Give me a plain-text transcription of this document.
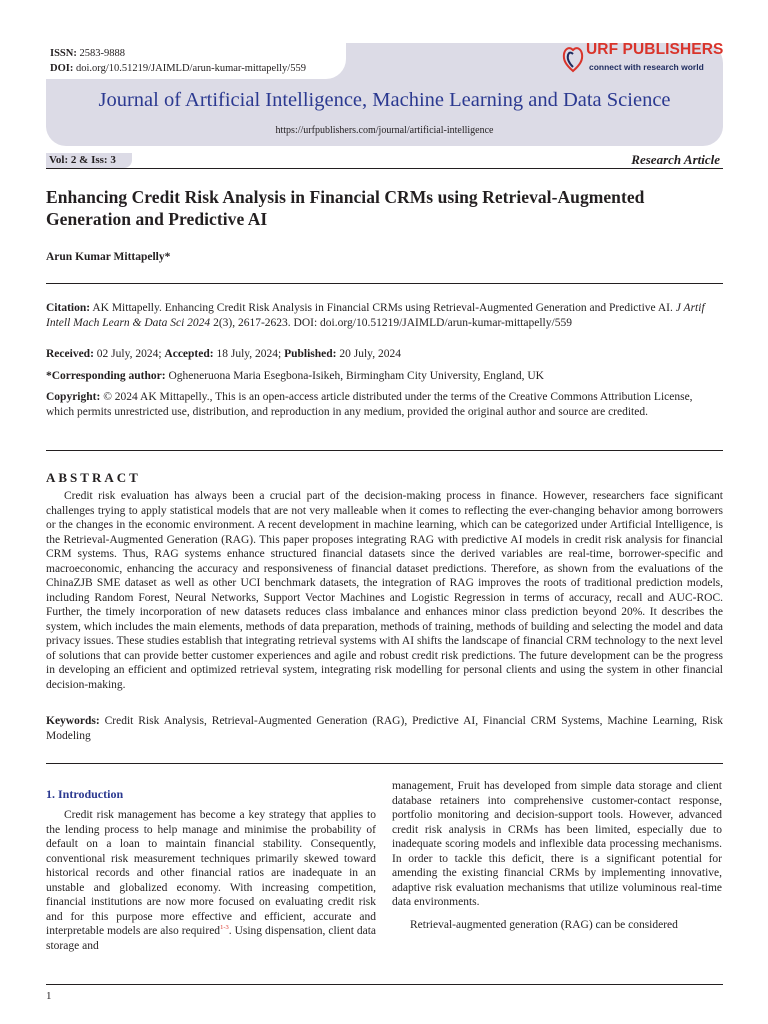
ISSN: 2583-9888
DOI: doi.org/10.51219/JAIMLD/arun-kumar-mittapelly/559
URF PUBLISHERS
connect with research world
Journal of Artificial Intelligence, Machine Learning and Data Science
https://urfpublishers.com/journal/artificial-intelligence
Vol: 2 & Iss: 3	Research Article
Enhancing Credit Risk Analysis in Financial CRMs using Retrieval-Augmented
Generation and Predictive AI
Arun Kumar Mittapelly*
Citation: AK Mittapelly. Enhancing Credit Risk Analysis in Financial CRMs using Retrieval-Augmented Generation and Predictive AI. J Artif Intell Mach Learn & Data Sci 2024 2(3), 2617-2623. DOI: doi.org/10.51219/JAIMLD/arun-kumar-mittapelly/559
Received: 02 July, 2024; Accepted: 18 July, 2024; Published: 20 July, 2024
*Corresponding author: Ogheneruona Maria Esegbona-Isikeh, Birmingham City University, England, UK
Copyright: © 2024 AK Mittapelly., This is an open-access article distributed under the terms of the Creative Commons Attribution License, which permits unrestricted use, distribution, and reproduction in any medium, provided the original author and source are credited.
ABSTRACT
Credit risk evaluation has always been a crucial part of the decision-making process in finance. However, researchers face significant challenges trying to apply statistical models that are not very malleable when it comes to reflecting the ever-changing behavior among borrowers or the changes in the economic environment. A recent development in machine learning, which can be categorized under Artificial Intelligence, is the Retrieval-Augmented Generation (RAG). This paper proposes integrating RAG with predictive AI models in credit risk analysis for financial CRM systems. Thus, RAG systems enhance structured financial datasets since the derived variables are real-time, borrower-specific and macroeconomic, enhancing the accuracy and responsiveness of financial dataset predictions. Therefore, as shown from the evaluations of the ChinaZJB SME dataset as well as other UCI benchmark datasets, the integration of RAG improves the roots of traditional prediction models, including Random Forest, Neural Networks, Support Vector Machines and Logistic Regression in terms of accuracy, recall and AUC-ROC. Further, the timely incorporation of new datasets reduces class imbalance and enhances minor class prediction beyond 20%. It describes the system, which includes the main elements, methods of data preparation, methods of training, methods of building and selecting the model and data privacy issues. These studies establish that integrating retrieval systems with AI shifts the landscape of financial CRM technology to the next level of solutions that can provide better customer experiences and agile and robust credit risk predictions. The future development can be the progress in developing an efficient and optimized retrieval system, integrating risk modelling for personal clients and using the system in other financial decision-making.
Keywords: Credit Risk Analysis, Retrieval-Augmented Generation (RAG), Predictive AI, Financial CRM Systems, Machine Learning, Risk Modeling
1. Introduction

Credit risk management has become a key strategy that applies to the lending process to help manage and minimise the probability of default on a loan to maintain financial stability. Consequently, conventional risk measurement techniques primarily skewed toward historical records and other financial ratios are inadequate in an unstable and globalized economy. With increasing competition, financial institutions are now more focused on evaluating credit risk and for this purpose more effective and efficient, accurate and interpretable models are also required$^{1-3}$. Using dispensation, client data storage and

management, Fruit has developed from simple data storage and client database retainers into comprehensive customer-contact response, portfolio monitoring and decision-support tools. However, advanced credit risk analysis in CRMs has been limited, especially due to inadequate scoring models and inflexible data processing mechanisms. In order to tackle this deficit, there is a significant potential for amending the existing financial CRMs by implementing innovative, adaptive risk evaluation mechanisms that utilize voluminous real-time data environments.

Retrieval-augmented generation (RAG) can be considered

1
